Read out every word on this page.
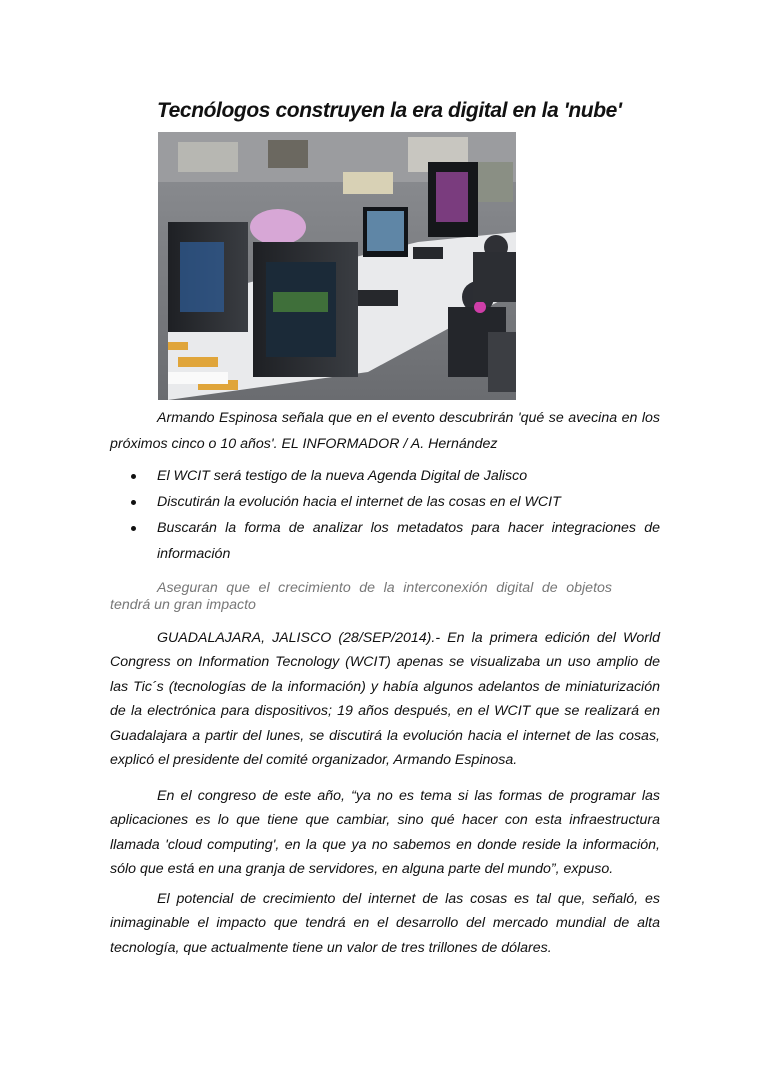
Tecnólogos construyen la era digital en la 'nube'
Armando Espinosa señala que en el evento descubrirán 'qué se avecina en los próximos cinco o 10 años'. EL INFORMADOR / A. Hernández
El WCIT será testigo de la nueva Agenda Digital de Jalisco
Discutirán la evolución hacia el internet de las cosas en el WCIT
Buscarán la forma de analizar los metadatos para hacer integraciones de
información
Aseguran que el crecimiento de la interconexión digital de objetos
tendrá un gran impacto

GUADALAJARA, JALISCO (28/SEP/2014).- En la primera edición del World Congress on Information Tecnology (WCIT) apenas se visualizaba un uso amplio de las Tic´s (tecnologías de la información) y había algunos adelantos de miniaturización de la electrónica para dispositivos; 19 años después, en el WCIT que se realizará en Guadalajara a partir del lunes, se discutirá la evolución hacia el internet de las cosas, explicó el presidente del comité organizador, Armando Espinosa.

En el congreso de este año, “ya no es tema si las formas de programar las aplicaciones es lo que tiene que cambiar, sino qué hacer con esta infraestructura llamada 'cloud computing', en la que ya no sabemos en donde reside la información, sólo que está en una granja de servidores, en alguna parte del mundo”, expuso.

El potencial de crecimiento del internet de las cosas es tal que, señaló, es inimaginable el impacto que tendrá en el desarrollo del mercado mundial de alta tecnología, que actualmente tiene un valor de tres trillones de dólares.
